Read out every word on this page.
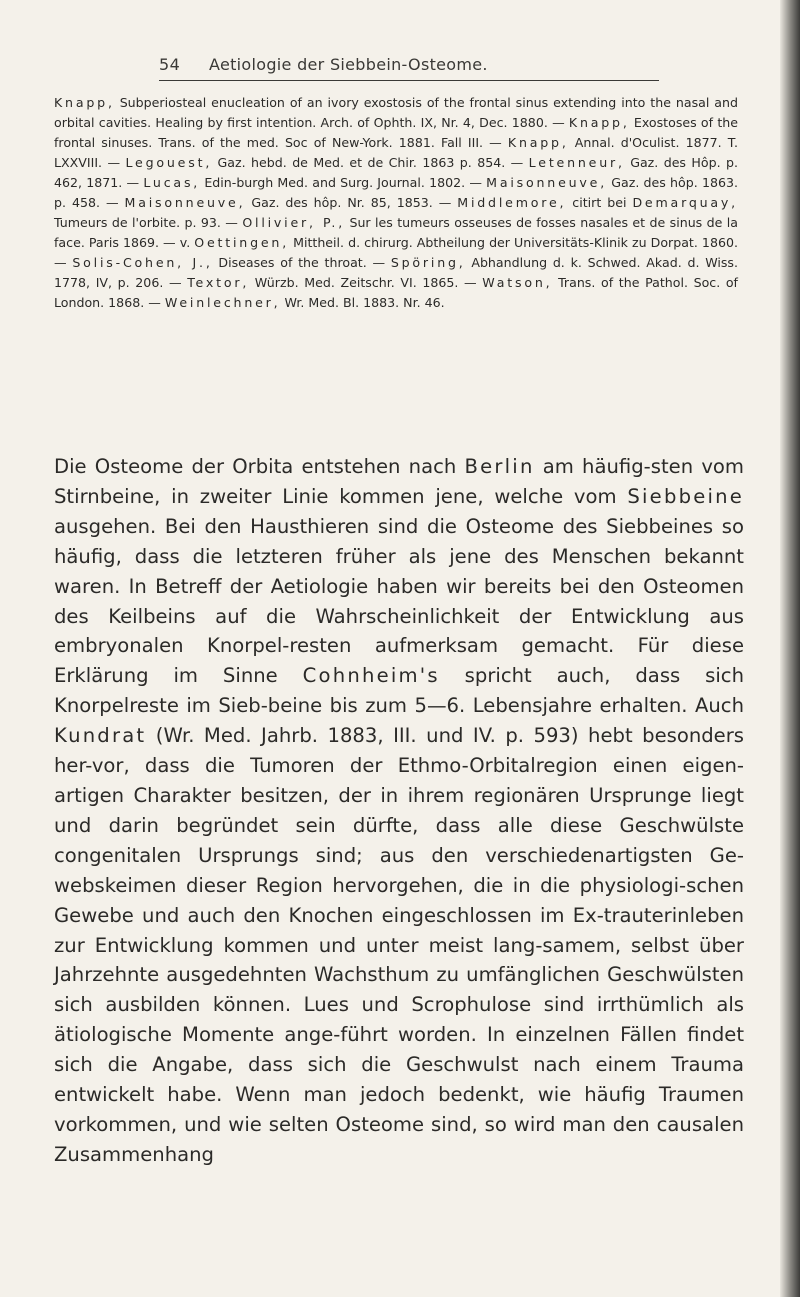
54 Aetiologie der Siebbein-Osteome.
Knapp, Subperiosteal enucleation of an ivory exostosis of the frontal sinus extending into the nasal and orbital cavities. Healing by first intention. Arch. of Ophth. IX, Nr. 4, Dec. 1880. — Knapp, Exostoses of the frontal sinuses. Trans. of the med. Soc of New-York. 1881. Fall III. — Knapp, Annal. d'Oculist. 1877. T. LXXVIII. — Legouest, Gaz. hebd. de Med. et de Chir. 1863 p. 854. — Letenneur, Gaz. des Hôp. p. 462, 1871. — Lucas, Edin-burgh Med. and Surg. Journal. 1802. — Maisonneuve, Gaz. des hôp. 1863. p. 458. — Maisonneuve, Gaz. des hôp. Nr. 85, 1853. — Middlemore, citirt bei Demarquay, Tumeurs de l'orbite. p. 93. — Ollivier, P., Sur les tumeurs osseuses de fosses nasales et de sinus de la face. Paris 1869. — v. Oettingen, Mittheil. d. chirurg. Abtheilung der Universitäts-Klinik zu Dorpat. 1860. — Solis-Cohen, J., Diseases of the throat. — Spöring, Abhandlung d. k. Schwed. Akad. d. Wiss. 1778, IV, p. 206. — Textor, Würzb. Med. Zeitschr. VI. 1865. — Watson, Trans. of the Pathol. Soc. of London. 1868. — Weinlechner, Wr. Med. Bl. 1883. Nr. 46.
Die Osteome der Orbita entstehen nach Berlin am häufig-sten vom Stirnbeine, in zweiter Linie kommen jene, welche vom Siebbeine ausgehen. Bei den Hausthieren sind die Osteome des Siebbeines so häufig, dass die letzteren früher als jene des Menschen bekannt waren. In Betreff der Aetiologie haben wir bereits bei den Osteomen des Keilbeins auf die Wahrscheinlichkeit der Entwicklung aus embryonalen Knorpel-resten aufmerksam gemacht. Für diese Erklärung im Sinne Cohnheim's spricht auch, dass sich Knorpelreste im Sieb-beine bis zum 5—6. Lebensjahre erhalten. Auch Kundrat (Wr. Med. Jahrb. 1883, III. und IV. p. 593) hebt besonders her-vor, dass die Tumoren der Ethmo-Orbitalregion einen eigen-artigen Charakter besitzen, der in ihrem regionären Ursprunge liegt und darin begründet sein dürfte, dass alle diese Geschwülste congenitalen Ursprungs sind; aus den verschiedenartigsten Ge-webskeimen dieser Region hervorgehen, die in die physiologi-schen Gewebe und auch den Knochen eingeschlossen im Ex-trauterinleben zur Entwicklung kommen und unter meist lang-samem, selbst über Jahrzehnte ausgedehnten Wachsthum zu umfänglichen Geschwülsten sich ausbilden können. Lues und Scrophulose sind irrthümlich als ätiologische Momente ange-führt worden. In einzelnen Fällen findet sich die Angabe, dass sich die Geschwulst nach einem Trauma entwickelt habe. Wenn man jedoch bedenkt, wie häufig Traumen vorkommen, und wie selten Osteome sind, so wird man den causalen Zusammenhang
